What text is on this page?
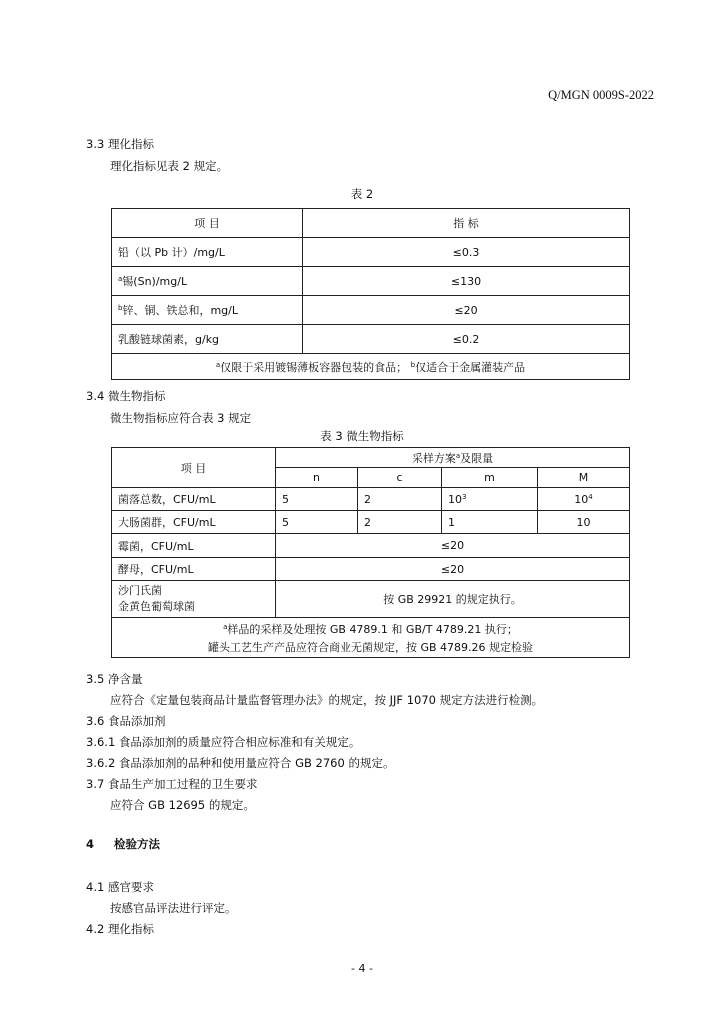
Q/MGN 0009S-2022
3.3 理化指标
理化指标见表 2 规定。
表 2
项 目	指 标
铅（以 Pb 计）/mg/L	≤0.3
$^a$锡(Sn)/mg/L	≤130
$^b$锌、铜、铁总和，mg/L	≤20
乳酸链球菌素，g/kg	≤0.2
$^a$仅限于采用镀锡薄板容器包装的食品； $^b$仅适合于金属灌装产品	
3.4 微生物指标
微生物指标应符合表 3 规定
表 3 微生物指标
项 目	采样方案$^a$及限量			
	n	c	m	M
菌落总数，CFU/mL	5	2	$10^3$	$10^4$
大肠菌群，CFU/mL	5	2	1	10
霉菌，CFU/mL	≤20			
酵母，CFU/mL	≤20			

沙门氏菌
金黄色葡萄球菌	按 GB 29921 的规定执行。			

$^a$样品的采样及处理按 GB 4789.1 和 GB/T 4789.21 执行；
罐头工艺生产产品应符合商业无菌规定，按 GB 4789.26 规定检验				
3.5 净含量
应符合《定量包装商品计量监督管理办法》的规定，按 JJF 1070 规定方法进行检测。
3.6 食品添加剂
3.6.1 食品添加剂的质量应符合相应标准和有关规定。
3.6.2 食品添加剂的品种和使用量应符合 GB 2760 的规定。
3.7 食品生产加工过程的卫生要求
应符合 GB 12695 的规定。
4 检验方法
4.1 感官要求
按感官品评法进行评定。
4.2 理化指标
- 4 -
